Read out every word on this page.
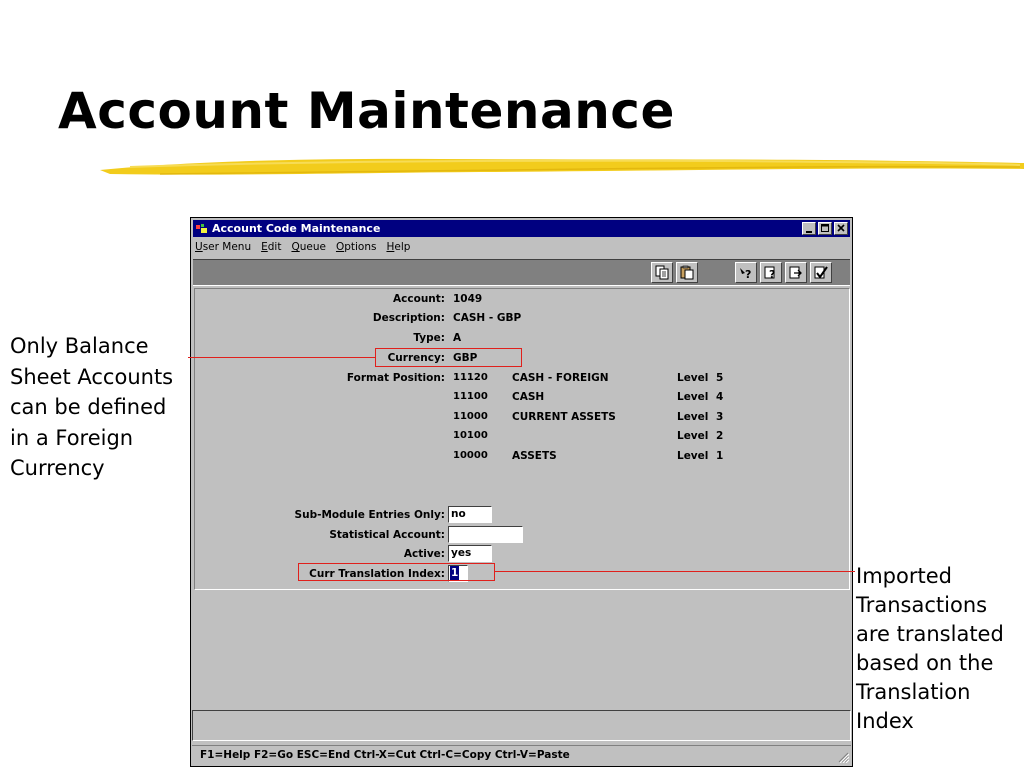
Account Maintenance
Account Code Maintenance
User Menu Edit Queue Options Help
? ?
Account: 1049
Description: CASH - GBP
Type: A
Currency: GBP
Format Position: 11120 CASH - FOREIGN	Level 5
11100 CASH	Level 4
11000 CURRENT ASSETS	Level 3
10100	Level 2
10000 ASSETS	Level 1
Sub-Module Entries Only: no
Statistical Account:
Active: yes
Curr Translation Index: 1
F1=Help F2=Go ESC=End Ctrl-X=Cut Ctrl-C=Copy Ctrl-V=Paste
Only Balance
Sheet Accounts
can be defined
in a Foreign
Currency
Imported
Transactions
are translated
based on the
Translation
Index
